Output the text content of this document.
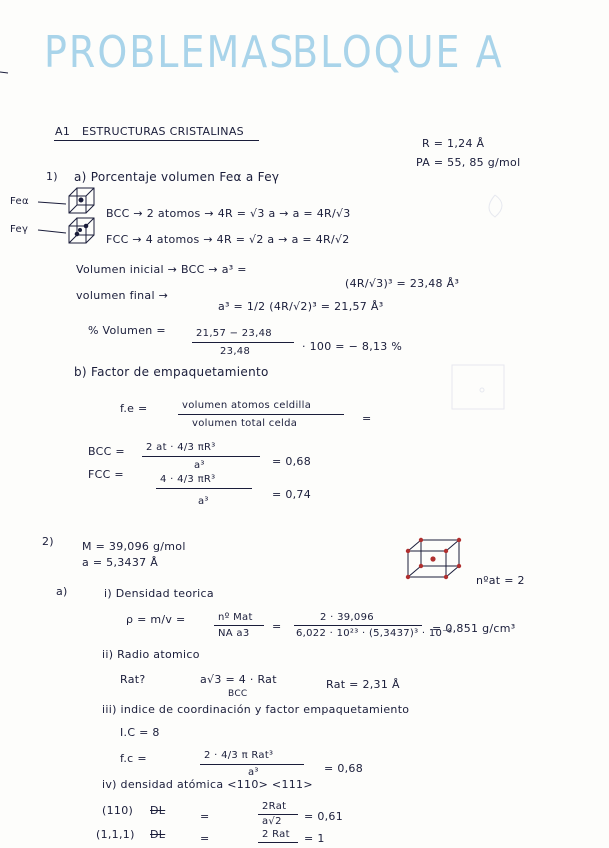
PROBLEMAS
BLOQUE A
A1 ESTRUCTURAS CRISTALINAS
R = 1,24 Å
PA = 55, 85 g/mol
1) a) Porcentaje volumen Feα a Feγ
Feα
Feγ
BCC → 2 atomos → 4R = √3 a → a = 4R/√3
FCC → 4 atomos → 4R = √2 a → a = 4R/√2
Volumen inicial → BCC → a³ =
(4R/√3)³ = 23,48 Å³
volumen final →
a³ = 1/2 (4R/√2)³ = 21,57 Å³
% Volumen =	21,57 − 23,48
23,48	· 100 = − 8,13 %
b) Factor de empaquetamiento
f.e =	volumen atomos celdilla
volumen total celda	=
BCC = 2 at · 4/3 πR³
a³	= 0,68
FCC =	4 · 4/3 πR³
a³
= 0,74
2)	M = 39,096 g/mol
a = 5,3437 Å
nºat = 2
a)	i) Densidad teorica
ρ = m/v =	nº Mat
NA a3
=
2 · 39,096
6,022 · 10²³ · (5,3437)³ · 10⁻⁸
= 0,851 g/cm³
ii) Radio atomico
Rat?	a√3 = 4 · Rat
BCC
Rat = 2,31 Å
iii) indice de coordinación y factor empaquetamiento
I.C = 8
f.c =	2 · 4/3 π Rat³
a³	= 0,68
iv) densidad atómica <110> <111>
(110) DL	=
2Rat
a√2 = 0,61
(1,1,1) DL	=	2 Rat = 1
